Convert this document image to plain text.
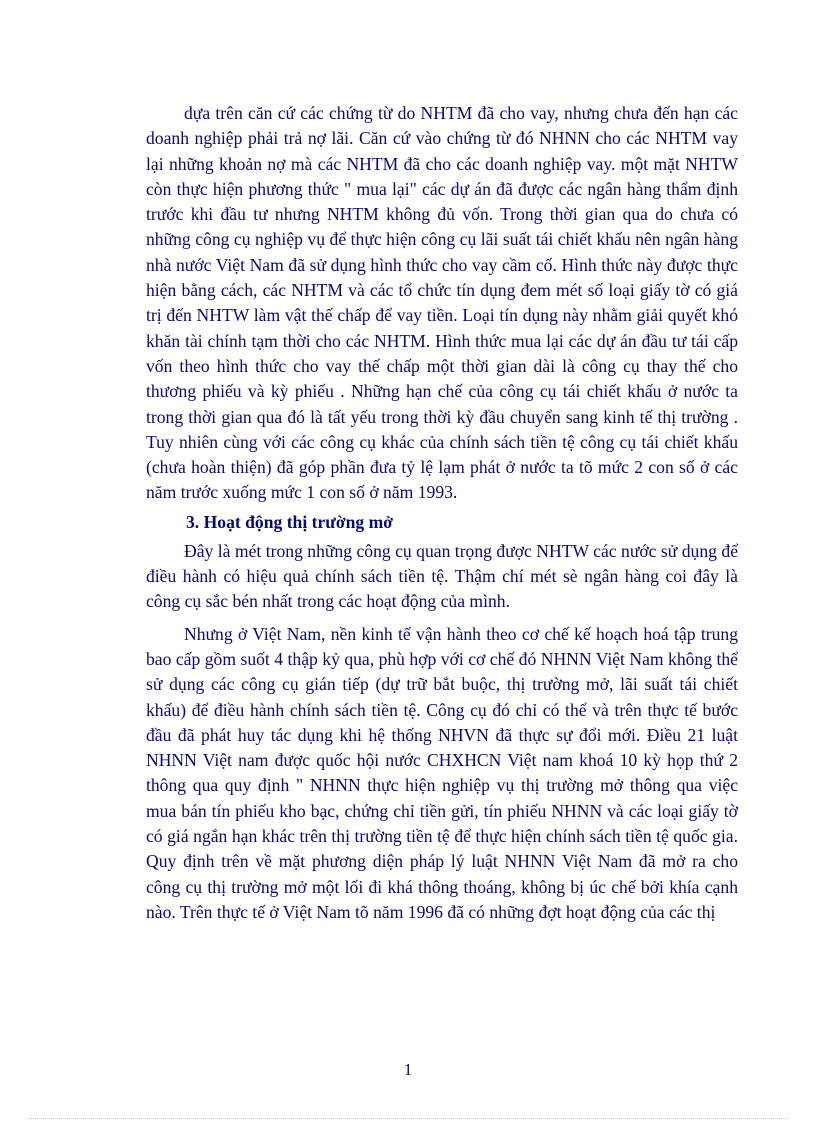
dựa trên căn cứ các chứng từ do NHTM đã cho vay, nhưng chưa đến hạn các doanh nghiệp phải trả nợ lãi. Căn cứ vào chứng từ đó NHNN cho các NHTM vay lại những khoản nợ mà các NHTM đã cho các doanh nghiệp vay. một mặt NHTW còn thực hiện phương thức " mua lại" các dự án đã được các ngân hàng thẩm định trước khi đầu tư nhưng NHTM không đủ vốn. Trong thời gian qua do chưa có những công cụ nghiệp vụ để thực hiện công cụ lãi suất tái chiết khấu nên ngân hàng nhà nước Việt Nam đã sử dụng hình thức cho vay cầm cố. Hình thức này được thực hiện bằng cách, các NHTM và các tổ chức tín dụng đem mét số loại giấy tờ có giá trị đến NHTW làm vật thế chấp để vay tiền. Loại tín dụng này nhằm giải quyết khó khăn tài chính tạm thời cho các NHTM. Hình thức mua lại các dự án đầu tư tái cấp vốn theo hình thức cho vay thế chấp một thời gian dài là công cụ thay thế cho thương phiếu và kỳ phiếu . Những hạn chế của công cụ tái chiết khấu ở nước ta trong thời gian qua đó là tất yếu trong thời kỳ đầu chuyển sang kinh tế thị trường . Tuy nhiên cùng với các công cụ khác của chính sách tiền tệ công cụ tái chiết khấu (chưa hoàn thiện) đã góp phần đưa tỷ lệ lạm phát ở nước ta tõ mức 2 con số ở các năm trước xuống mức 1 con số ở năm 1993.

3. Hoạt động thị trường mở

Đây là mét trong những công cụ quan trọng được NHTW các nước sử dụng để điều hành có hiệu quả chính sách tiền tệ. Thậm chí mét sè ngân hàng coi đây là công cụ sắc bén nhất trong các hoạt động của mình.

Nhưng ở Việt Nam, nền kinh tế vận hành theo cơ chế kế hoạch hoá tập trung bao cấp gồm suốt 4 thập kỷ qua, phù hợp với cơ chế đó NHNN Việt Nam không thể sử dụng các công cụ gián tiếp (dự trữ bắt buộc, thị trường mở, lãi suất tái chiết khấu) để điều hành chính sách tiền tệ. Công cụ đó chỉ có thể và trên thực tế bước đầu đã phát huy tác dụng khi hệ thống NHVN đã thực sự đổi mới. Điều 21 luật NHNN Việt nam được quốc hội nước CHXHCN Việt nam khoá 10 kỳ họp thứ 2 thông qua quy định " NHNN thực hiện nghiệp vụ thị trường mở thông qua việc mua bán tín phiếu kho bạc, chứng chỉ tiền gửi, tín phiếu NHNN và các loại giấy tờ có giá ngắn hạn khác trên thị trường tiền tệ để thực hiện chính sách tiền tệ quốc gia. Quy định trên về mặt phương diện pháp lý luật NHNN Việt Nam đã mở ra cho công cụ thị trường mở một lối đi khá thông thoáng, không bị úc chế bởi khía cạnh nào. Trên thực tế ở Việt Nam tõ năm 1996 đã có những đợt hoạt động của các thị

1
